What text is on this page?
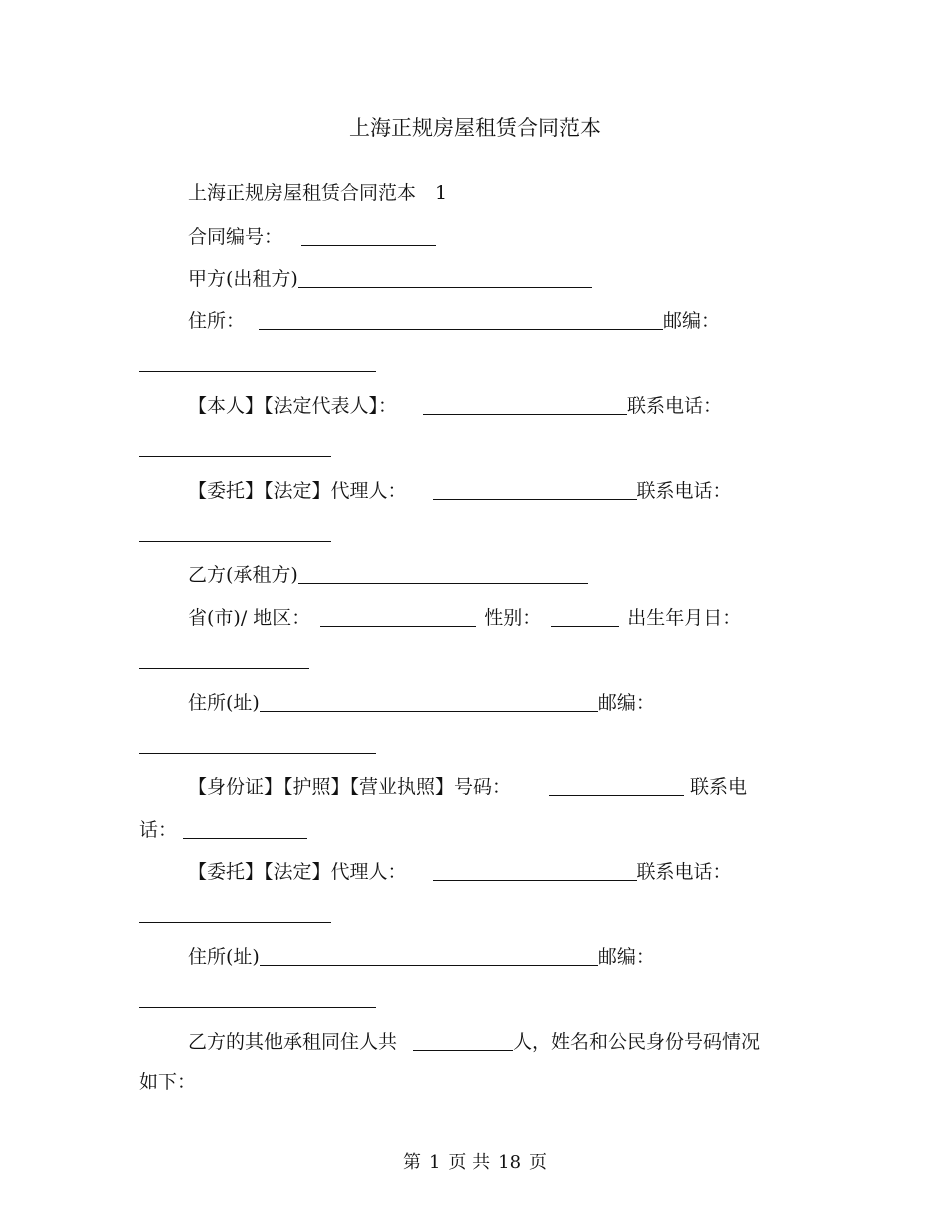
上海正规房屋租赁合同范本
上海正规房屋租赁合同范本　1
合同编号：
甲方(出租方)
住所：	邮编：
【本人】【法定代表人】：	联系电话：
【委托】【法定】代理人：	联系电话：
乙方(承租方)
省(市)/ 地区：	性别：	出生年月日：
住所(址)	邮编：
【身份证】【护照】【营业执照】号码：	联系电
话：
【委托】【法定】代理人：	联系电话：
住所(址)	邮编：
乙方的其他承租同住人共	人，姓名和公民身份号码情况
如下：
第 1 页 共 18 页
